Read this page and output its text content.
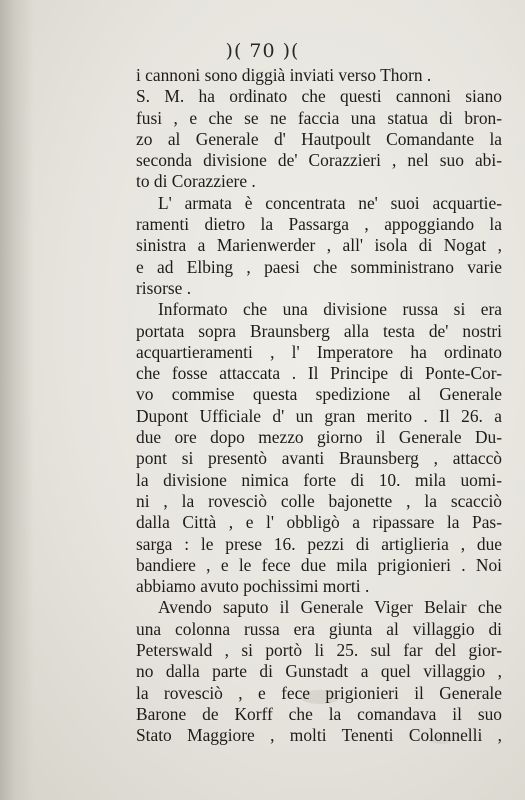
)( 70 )(
i cannoni sono diggià inviati verso Thorn .
S. M. ha ordinato che questi cannoni siano
fusi , e che se ne faccia una statua di bron-
zo al Generale d' Hautpoult Comandante la
seconda divisione de' Corazzieri , nel suo abi-
to di Corazziere .
L' armata è concentrata ne' suoi acquartie-
ramenti dietro la Passarga , appoggiando la
sinistra a Marienwerder , all' isola di Nogat ,
e ad Elbing , paesi che somministrano varie
risorse .
Informato che una divisione russa si era
portata sopra Braunsberg alla testa de' nostri
acquartieramenti , l' Imperatore ha ordinato
che fosse attaccata . Il Principe di Ponte-Cor-
vo commise questa spedizione al Generale
Dupont Ufficiale d' un gran merito . Il 26. a
due ore dopo mezzo giorno il Generale Du-
pont si presentò avanti Braunsberg , attaccò
la divisione nimica forte di 10. mila uomi-
ni , la rovesciò colle bajonette , la scacciò
dalla Città , e l' obbligò a ripassare la Pas-
sarga : le prese 16. pezzi di artiglieria , due
bandiere , e le fece due mila prigionieri . Noi
abbiamo avuto pochissimi morti .
Avendo saputo il Generale Viger Belair che
una colonna russa era giunta al villaggio di
Peterswald , si portò li 25. sul far del gior-
no dalla parte di Gunstadt a quel villaggio ,
la rovesciò , e fece prigionieri il Generale
Barone de Korff che la comandava il suo
Stato Maggiore , molti Tenenti Colonnelli ,
